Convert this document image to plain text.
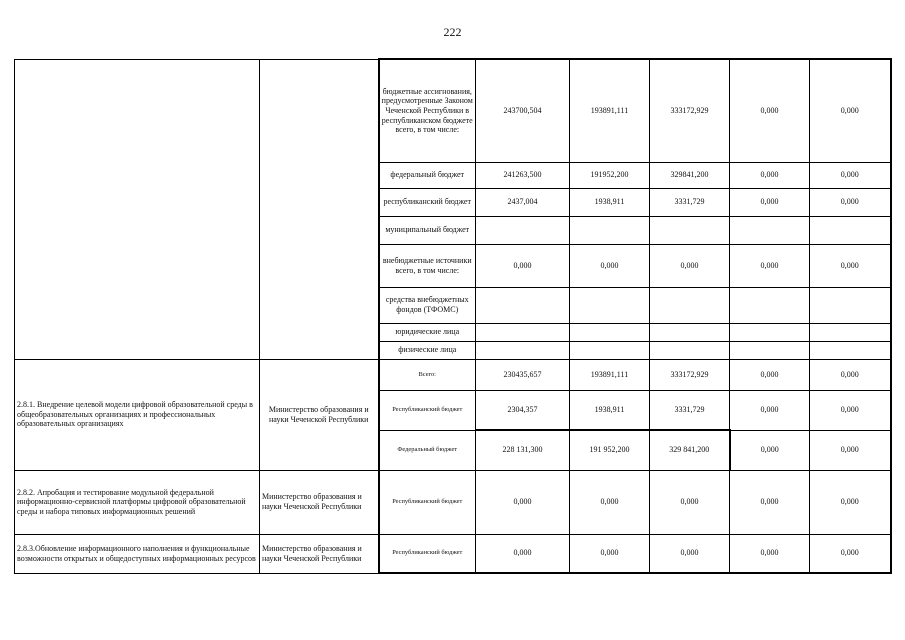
222
		бюджетные ассигнования, предусмотренные Законом Чеченской Республики в республиканском бюджете всего, в том числе:	243700,504	193891,111	333172,929	0,000	0,000
		федеральный бюджет	241263,500	191952,200	329841,200	0,000	0,000
		республиканский бюджет	2437,004	1938,911	3331,729	0,000	0,000
		муниципальный бюджет					
		внебюджетные источники всего, в том числе:	0,000	0,000	0,000	0,000	0,000
		средства внебюджетных фондов (ТФОМС)					
		юридические лица					
		физические лица					
2.8.1. Внедрение целевой модели цифровой образовательной среды в общеобразовательных организациях и профессиональных образовательных организациях	Министерство образования и науки Чеченской Республики	Всего:	230435,657	193891,111	333172,929	0,000	0,000
		Республиканский бюджет	2304,357	1938,911	3331,729	0,000	0,000
		Федеральный бюджет	228 131,300	191 952,200	329 841,200	0,000	0,000
2.8.2. Апробация и тестирование модульной федеральной информационно-сервисной платформы цифровой образовательной среды и набора типовых информационных решений	Министерство образования и науки Чеченской Республики	Республиканский бюджет	0,000	0,000	0,000	0,000	0,000
2.8.3.Обновление информационного наполнения и функциональные возможности открытых и общедоступных информационных ресурсов	Министерство образования и науки Чеченской Республики	Республиканский бюджет	0,000	0,000	0,000	0,000	0,000
